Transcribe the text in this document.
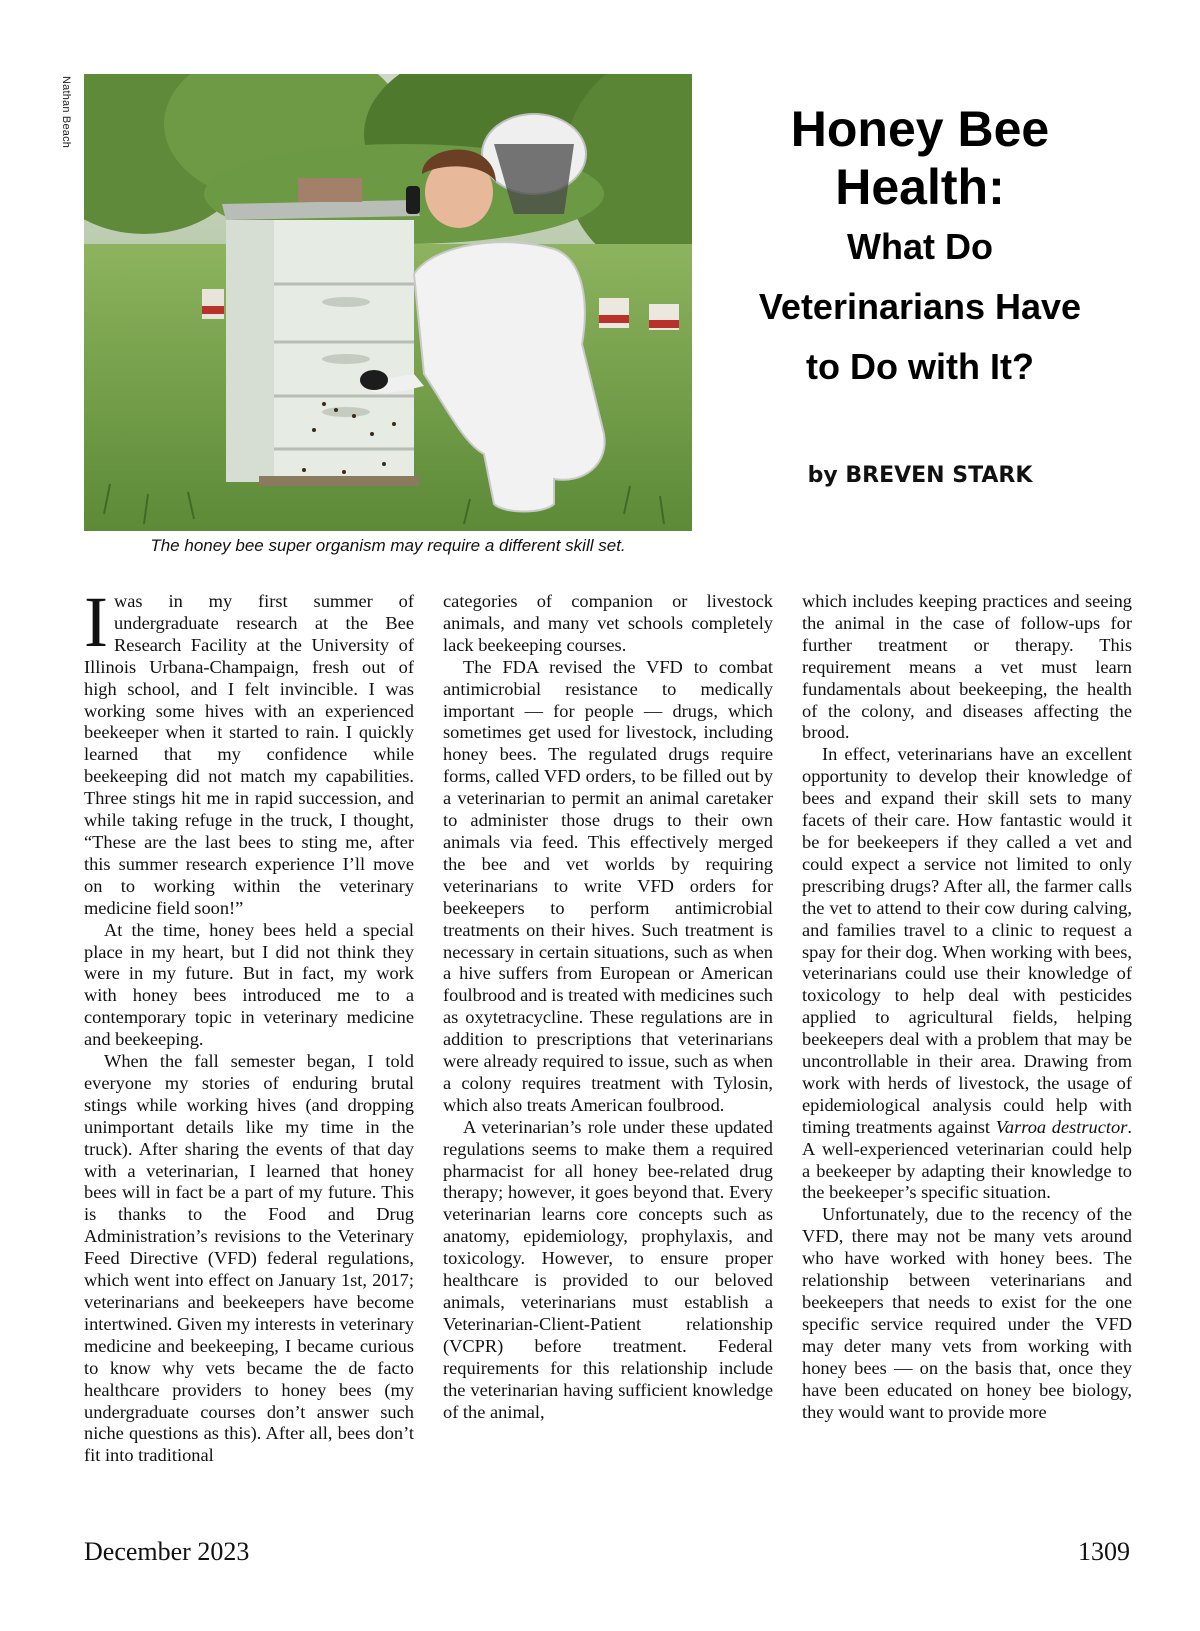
Nathan Beach
The honey bee super organism may require a different skill set.
Honey Bee
Health:
What Do
Veterinarians Have
to Do with It?
by BREVEN STARK

Iwas in my first summer of undergraduate research at the Bee Research Facility at the University of Illinois Urbana-Champaign, fresh out of high school, and I felt invincible. I was working some hives with an experienced beekeeper when it started to rain. I quickly learned that my confidence while beekeeping did not match my capabilities. Three stings hit me in rapid succession, and while taking refuge in the truck, I thought, “These are the last bees to sting me, after this summer research experience I’ll move on to working within the veterinary medicine field soon!”

At the time, honey bees held a special place in my heart, but I did not think they were in my future. But in fact, my work with honey bees introduced me to a contemporary topic in veterinary medicine and beekeeping.

When the fall semester began, I told everyone my stories of enduring brutal stings while working hives (and dropping unimportant details like my time in the truck). After sharing the events of that day with a veterinarian, I learned that honey bees will in fact be a part of my future. This is thanks to the Food and Drug Administration’s revisions to the Veterinary Feed Directive (VFD) federal regulations, which went into effect on January 1st, 2017; veterinarians and beekeepers have become intertwined. Given my interests in veterinary medicine and beekeeping, I became curious to know why vets became the de facto healthcare providers to honey bees (my undergraduate courses don’t answer such niche questions as this). After all, bees don’t fit into traditional

categories of companion or livestock animals, and many vet schools completely lack beekeeping courses.

The FDA revised the VFD to combat antimicrobial resistance to medically important — for people — drugs, which sometimes get used for livestock, including honey bees. The regulated drugs require forms, called VFD orders, to be filled out by a veterinarian to permit an animal caretaker to administer those drugs to their own animals via feed. This effectively merged the bee and vet worlds by requiring veterinarians to write VFD orders for beekeepers to perform antimicrobial treatments on their hives. Such treatment is necessary in certain situations, such as when a hive suffers from European or American foulbrood and is treated with medicines such as oxytetracycline. These regulations are in addition to prescriptions that veterinarians were already required to issue, such as when a colony requires treatment with Tylosin, which also treats American foulbrood.

A veterinarian’s role under these updated regulations seems to make them a required pharmacist for all honey bee-related drug therapy; however, it goes beyond that. Every veterinarian learns core concepts such as anatomy, epidemiology, prophylaxis, and toxicology. However, to ensure proper healthcare is provided to our beloved animals, veterinarians must establish a Veterinarian-Client-Patient relationship (VCPR) before treatment. Federal requirements for this relationship include the veterinarian having sufficient knowledge of the animal,

which includes keeping practices and seeing the animal in the case of follow-ups for further treatment or therapy. This requirement means a vet must learn fundamentals about beekeeping, the health of the colony, and diseases affecting the brood.

In effect, veterinarians have an excellent opportunity to develop their knowledge of bees and expand their skill sets to many facets of their care. How fantastic would it be for beekeepers if they called a vet and could expect a service not limited to only prescribing drugs? After all, the farmer calls the vet to attend to their cow during calving, and families travel to a clinic to request a spay for their dog. When working with bees, veterinarians could use their knowledge of toxicology to help deal with pesticides applied to agricultural fields, helping beekeepers deal with a problem that may be uncontrollable in their area. Drawing from work with herds of livestock, the usage of epidemiological analysis could help with timing treatments against Varroa destructor. A well-experienced veterinarian could help a beekeeper by adapting their knowledge to the beekeeper’s specific situation.

Unfortunately, due to the recency of the VFD, there may not be many vets around who have worked with honey bees. The relationship between veterinarians and beekeepers that needs to exist for the one specific service required under the VFD may deter many vets from working with honey bees — on the basis that, once they have been educated on honey bee biology, they would want to provide more

December 2023	1309
